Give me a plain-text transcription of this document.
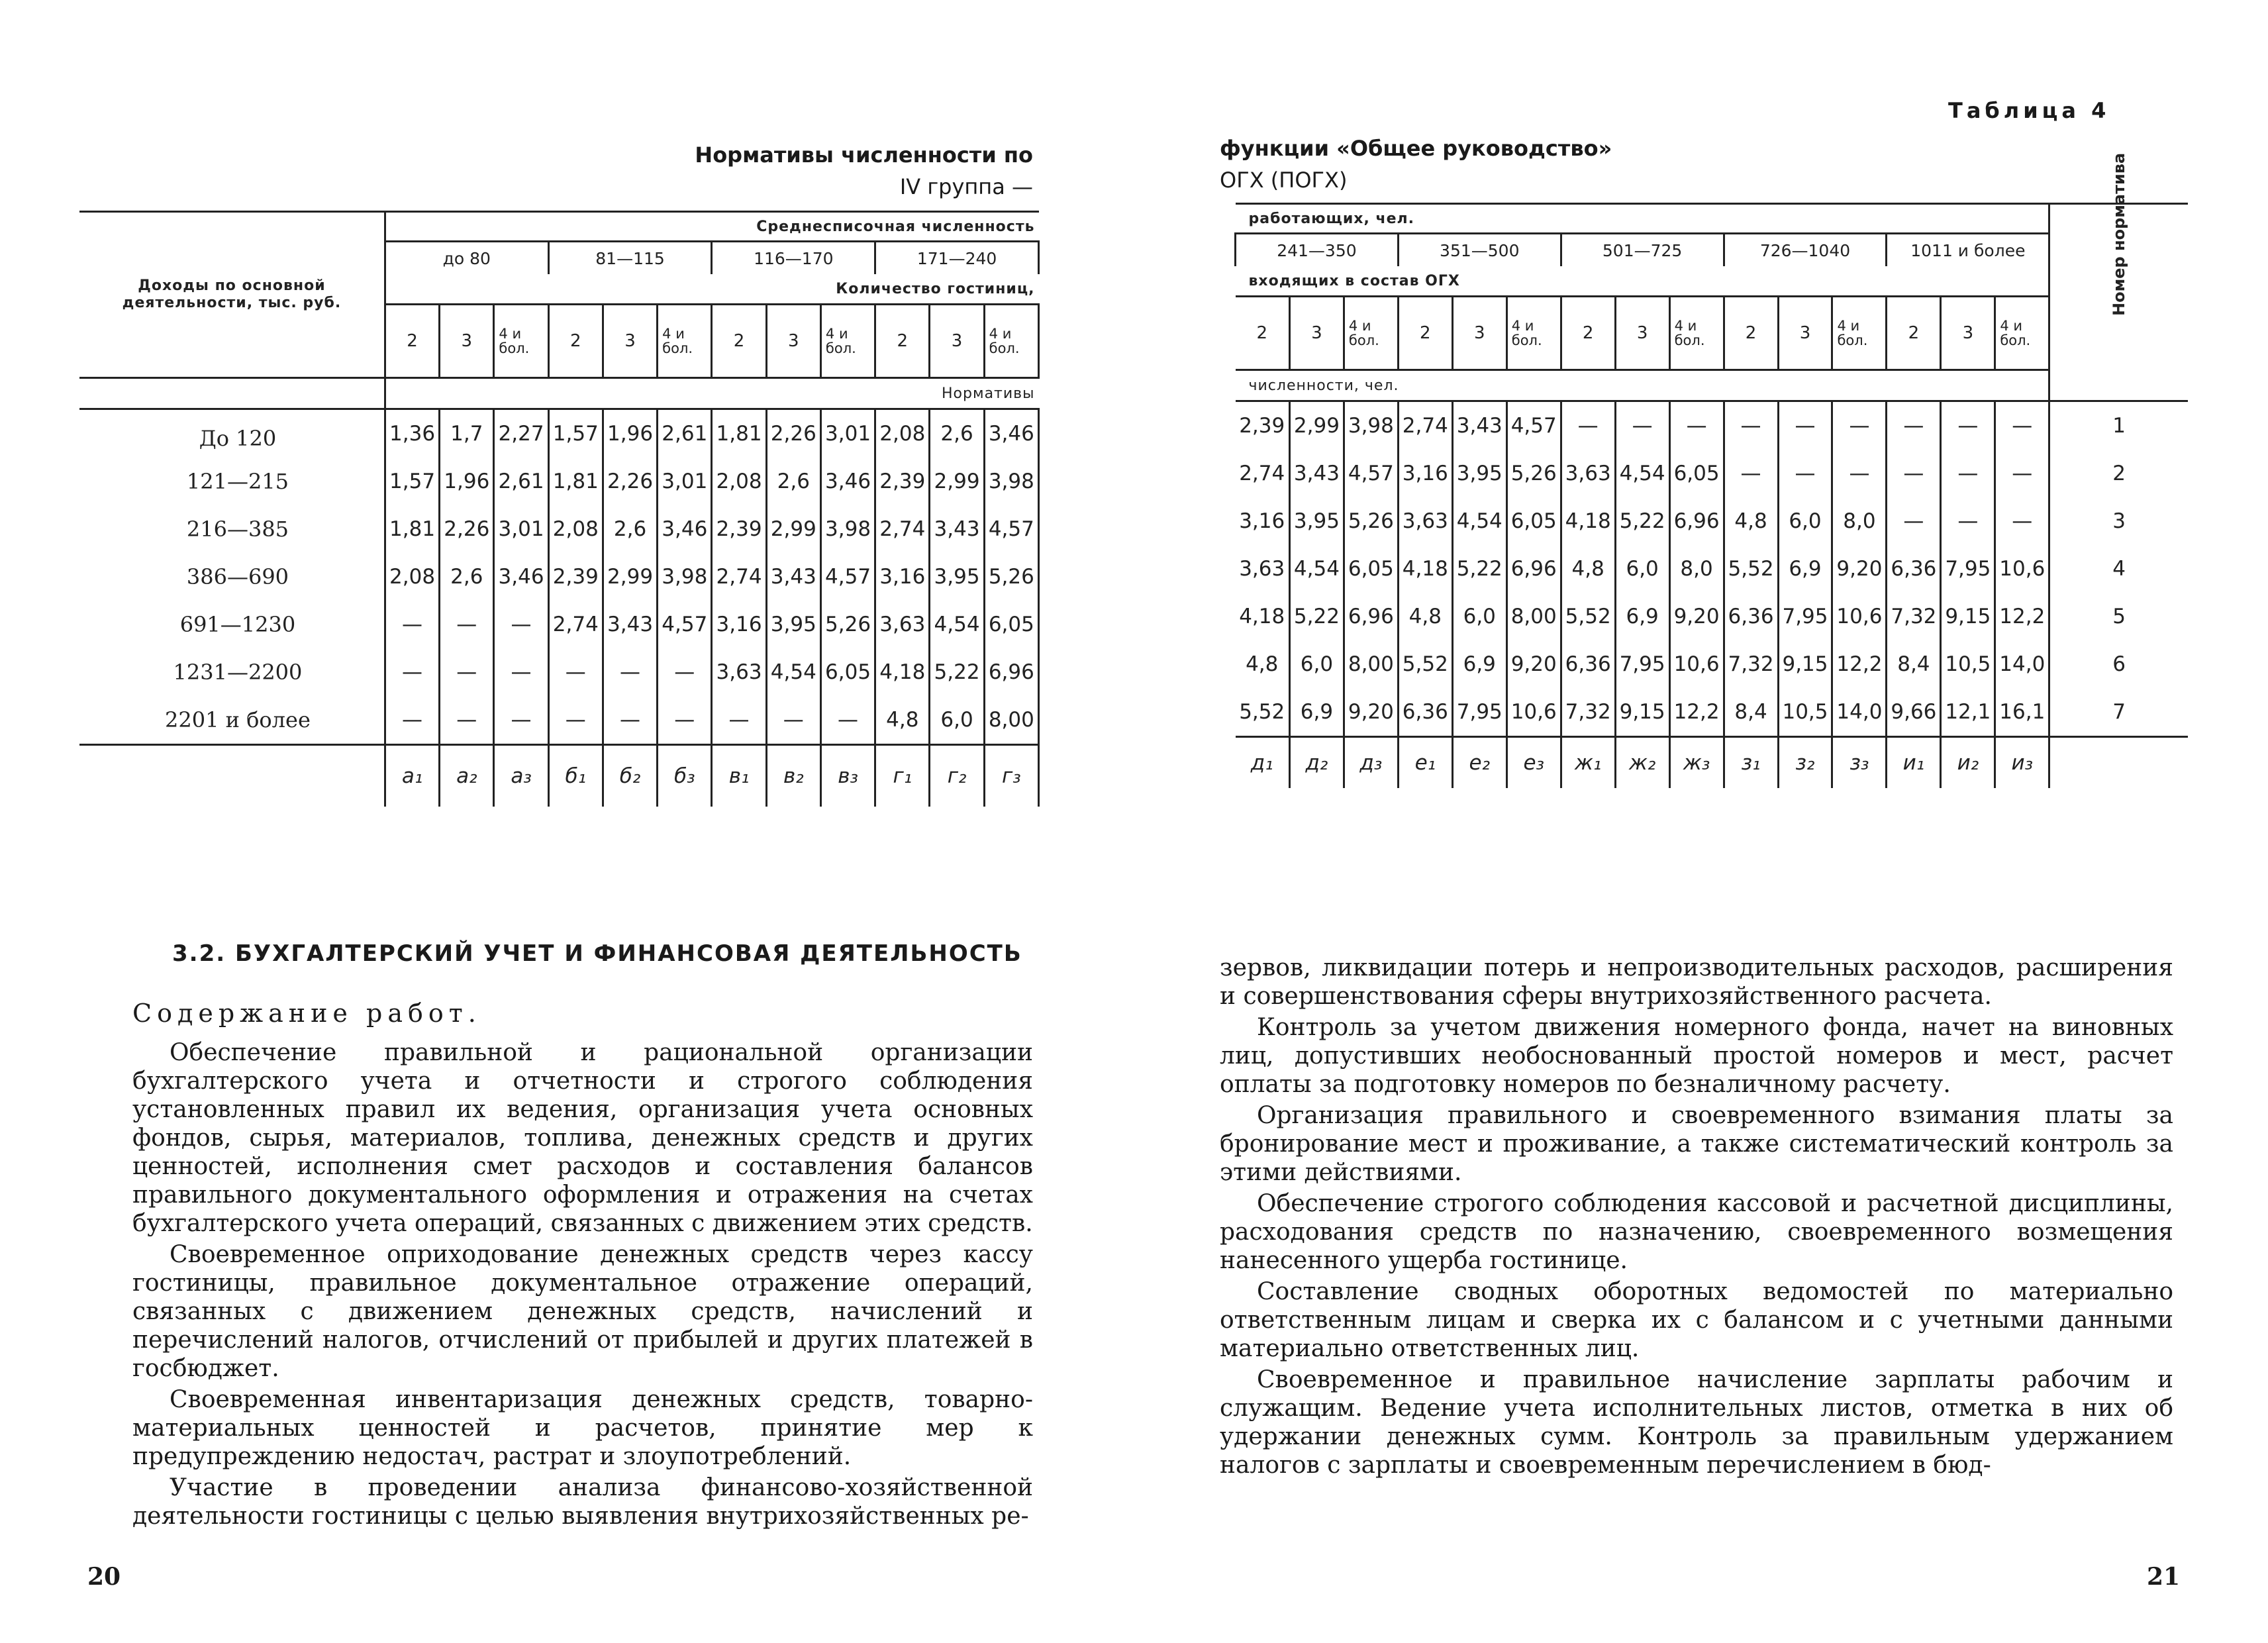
Нормативы численности по
IV группа —
Доходы по основной деятельности, тыс. руб.	Среднесписочная численность											
	до 80			81—115			116—170			171—240		
	Количество гостиниц,											
	2	3	4 и бол.	2	3	4 и бол.	2	3	4 и бол.	2	3	4 и бол.
	Нормативы											
До 120	1,36	1,7	2,27	1,57	1,96	2,61	1,81	2,26	3,01	2,08	2,6	3,46
121—215	1,57	1,96	2,61	1,81	2,26	3,01	2,08	2,6	3,46	2,39	2,99	3,98
216—385	1,81	2,26	3,01	2,08	2,6	3,46	2,39	2,99	3,98	2,74	3,43	4,57
386—690	2,08	2,6	3,46	2,39	2,99	3,98	2,74	3,43	4,57	3,16	3,95	5,26
691—1230	—	—	—	2,74	3,43	4,57	3,16	3,95	5,26	3,63	4,54	6,05
1231—2200	—	—	—	—	—	—	3,63	4,54	6,05	4,18	5,22	6,96
2201 и более	—	—	—	—	—	—	—	—	—	4,8	6,0	8,00
	а₁	а₂	а₃	б₁	б₂	б₃	в₁	в₂	в₃	г₁	г₂	г₃
3.2. БУХГАЛТЕРСКИЙ УЧЕТ И ФИНАНСОВАЯ ДЕЯТЕЛЬНОСТЬ
Содержание работ.

Обеспечение правильной и рациональной организации бухгалтерского учета и отчетности и строгого соблюдения установленных правил их ведения, организация учета основных фондов, сырья, материалов, топлива, денежных средств и других ценностей, исполнения смет расходов и составления балансов правильного документального оформления и отражения на счетах бухгалтерского учета операций, связанных с движением этих средств.

Своевременное оприходование денежных средств через кассу гостиницы, правильное документальное отражение операций, связанных с движением денежных средств, начислений и перечислений налогов, отчислений от прибылей и других платежей в госбюджет.

Своевременная инвентаризация денежных средств, товарно-материальных ценностей и расчетов, принятие мер к предупреждению недостач, растрат и злоупотреблений.

Участие в проведении анализа финансово-хозяйственной деятельности гостиницы с целью выявления внутрихозяйственных ре-

20
Таблица 4
функции «Общее руководство»
ОГХ (ПОГХ)
работающих, чел.															Номер норматива

241—350			351—500			501—725			726—1040			1011 и более			
входящих в состав ОГХ															
2	3	4 и бол.	2	3	4 и бол.	2	3	4 и бол.	2	3	4 и бол.	2	3	4 и бол.	
численности, чел.															
2,39	2,99	3,98	2,74	3,43	4,57	—	—	—	—	—	—	—	—	—	1
2,74	3,43	4,57	3,16	3,95	5,26	3,63	4,54	6,05	—	—	—	—	—	—	2
3,16	3,95	5,26	3,63	4,54	6,05	4,18	5,22	6,96	4,8	6,0	8,0	—	—	—	3
3,63	4,54	6,05	4,18	5,22	6,96	4,8	6,0	8,0	5,52	6,9	9,20	6,36	7,95	10,6	4
4,18	5,22	6,96	4,8	6,0	8,00	5,52	6,9	9,20	6,36	7,95	10,6	7,32	9,15	12,2	5
4,8	6,0	8,00	5,52	6,9	9,20	6,36	7,95	10,6	7,32	9,15	12,2	8,4	10,5	14,0	6
5,52	6,9	9,20	6,36	7,95	10,6	7,32	9,15	12,2	8,4	10,5	14,0	9,66	12,1	16,1	7
д₁	д₂	д₃	е₁	е₂	е₃	ж₁	ж₂	ж₃	з₁	з₂	з₃	и₁	и₂	и₃	

зервов, ликвидации потерь и непроизводительных расходов, расширения и совершенствования сферы внутрихозяйственного расчета.

Контроль за учетом движения номерного фонда, начет на виновных лиц, допустивших необоснованный простой номеров и мест, расчет оплаты за подготовку номеров по безналичному расчету.

Организация правильного и своевременного взимания платы за бронирование мест и проживание, а также систематический контроль за этими действиями.

Обеспечение строгого соблюдения кассовой и расчетной дисциплины, расходования средств по назначению, своевременного возмещения нанесенного ущерба гостинице.

Составление сводных оборотных ведомостей по материально ответственным лицам и сверка их с балансом и с учетными данными материально ответственных лиц.

Своевременное и правильное начисление зарплаты рабочим и служащим. Ведение учета исполнительных листов, отметка в них об удержании денежных сумм. Контроль за правильным удержанием налогов с зарплаты и своевременным перечислением в бюд-

21
